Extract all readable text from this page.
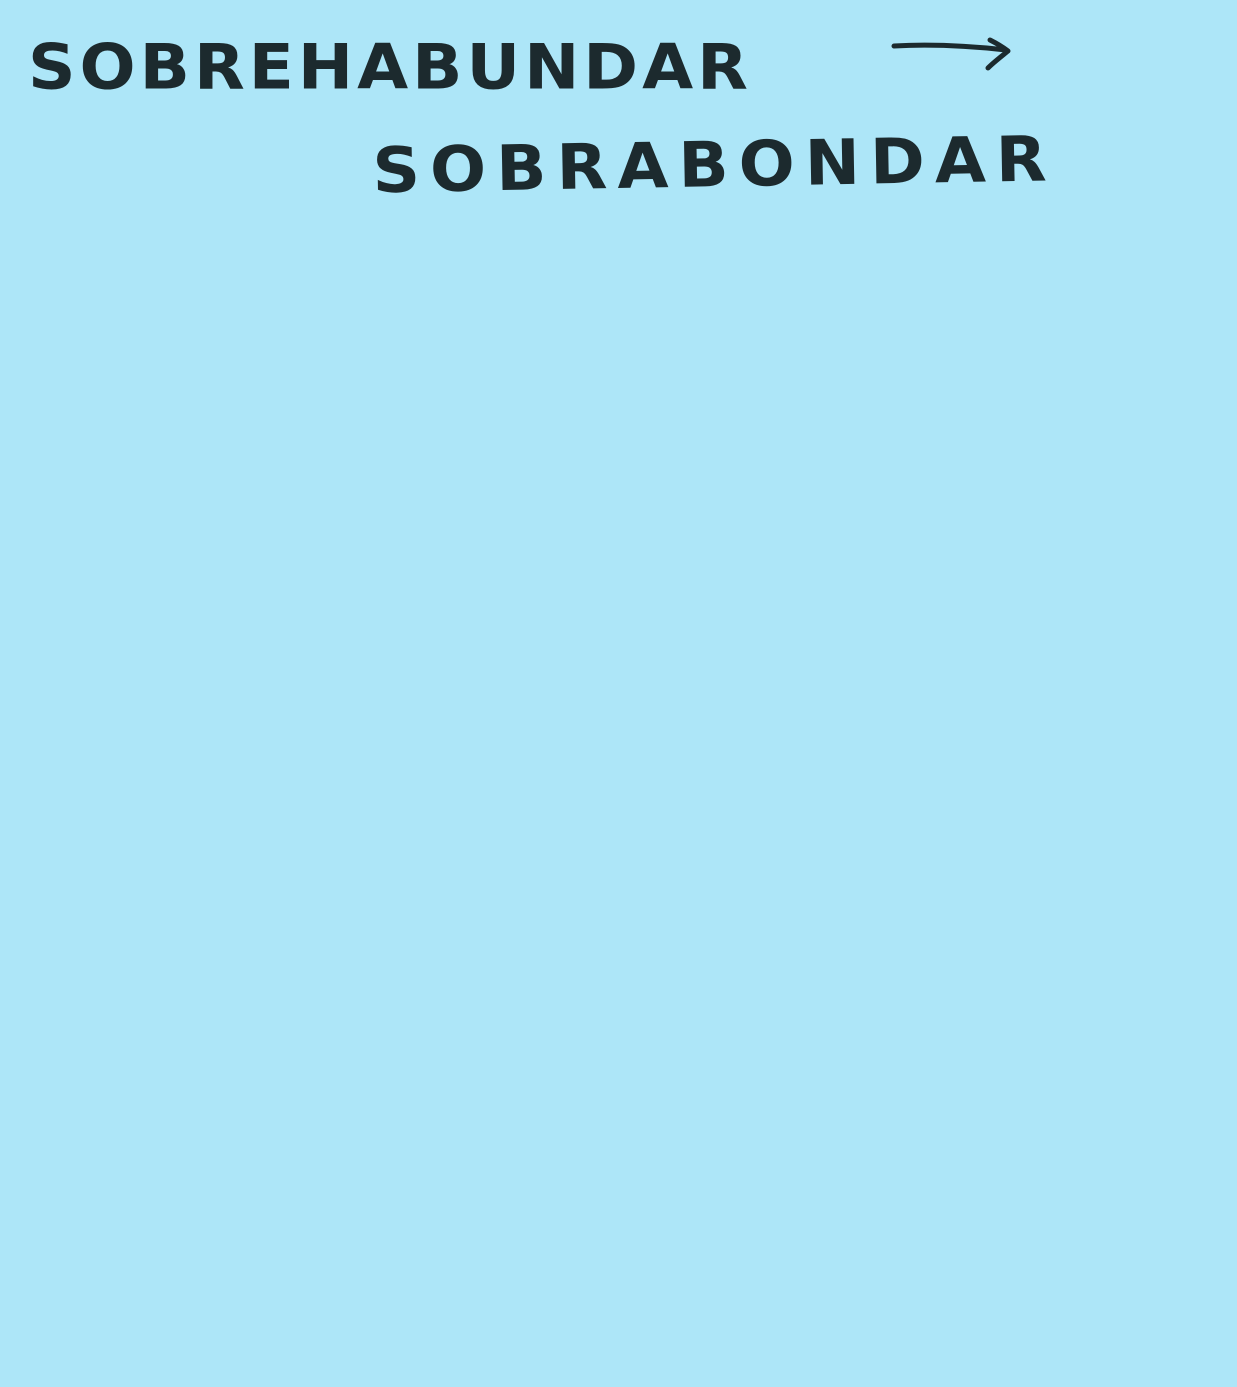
SOBREHABUNDAR
SOBRABONDAR
